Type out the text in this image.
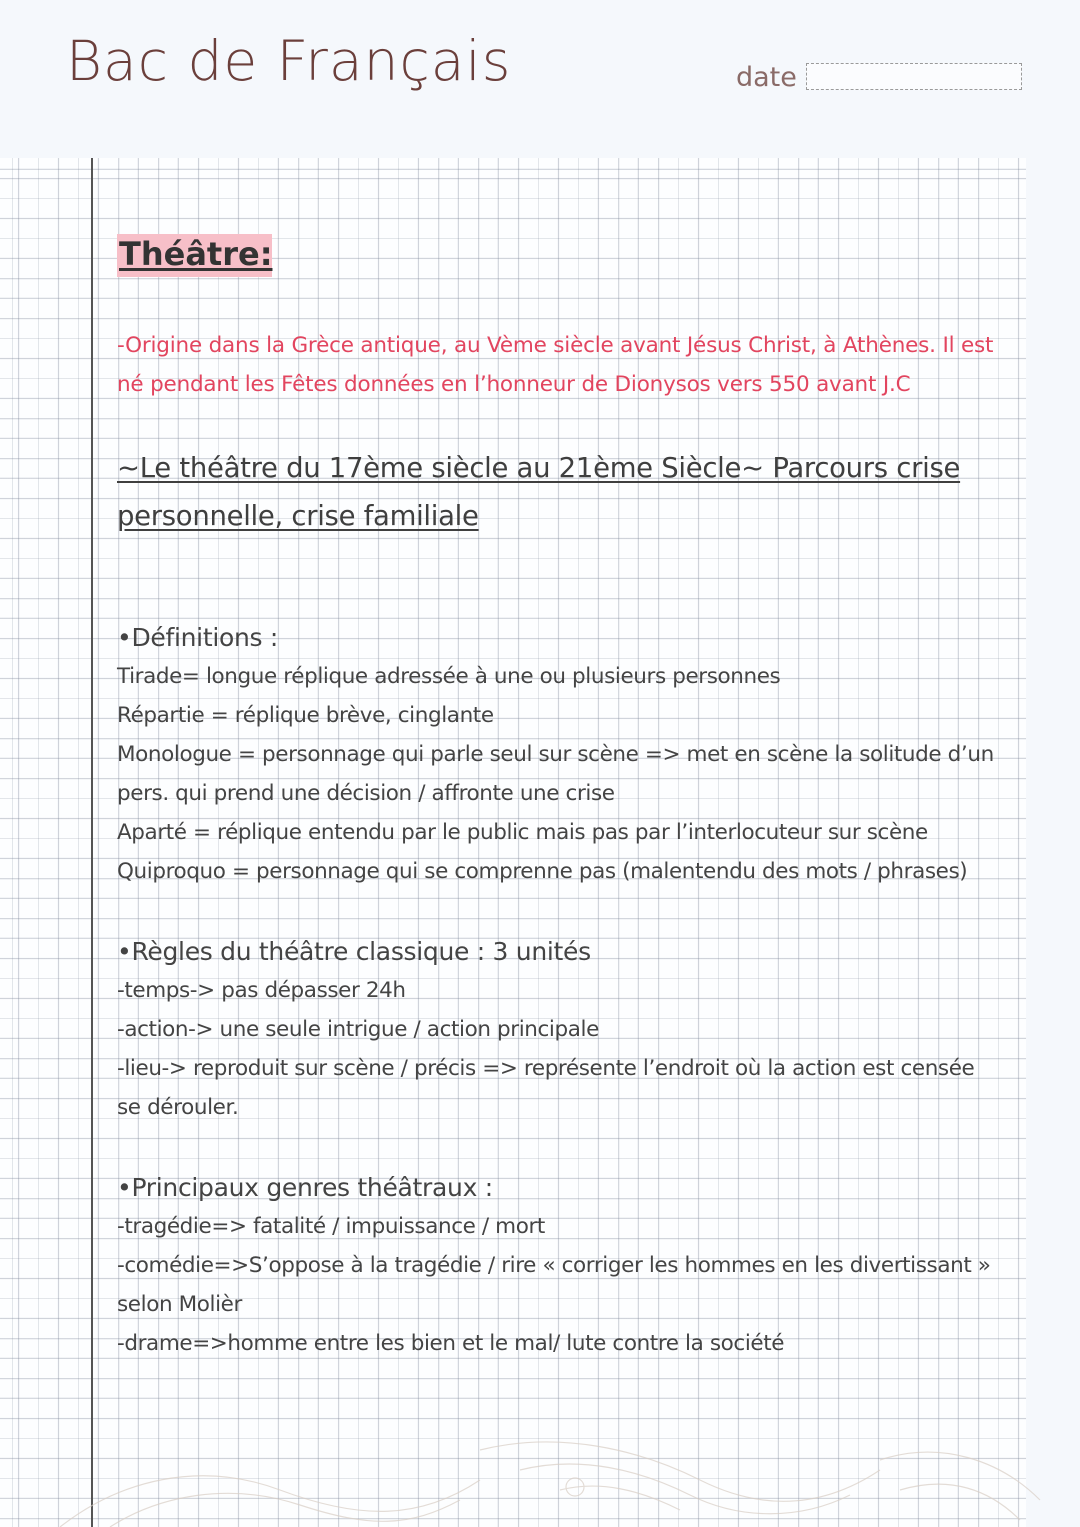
Bac de Français	date
Théâtre:
-Origine dans la Grèce antique, au Vème siècle avant Jésus Christ, à Athènes. Il est
né pendant les Fêtes données en l’honneur de Dionysos vers 550 avant J.C
~Le théâtre du 17ème siècle au 21ème Siècle~ Parcours crise
personnelle, crise familiale
•Définitions :
Tirade= longue réplique adressée à une ou plusieurs personnes
Répartie = réplique brève, cinglante
Monologue = personnage qui parle seul sur scène => met en scène la solitude d’un
pers. qui prend une décision / affronte une crise
Aparté = réplique entendu par le public mais pas par l’interlocuteur sur scène
Quiproquo = personnage qui se comprenne pas (malentendu des mots / phrases)
•Règles du théâtre classique : 3 unités
-temps-> pas dépasser 24h
-action-> une seule intrigue / action principale
-lieu-> reproduit sur scène / précis => représente l’endroit où la action est censée
se dérouler.
•Principaux genres théâtraux :
-tragédie=> fatalité / impuissance / mort
-comédie=>S’oppose à la tragédie / rire « corriger les hommes en les divertissant »
selon Molièr
-drame=>homme entre les bien et le mal/ lute contre la société
